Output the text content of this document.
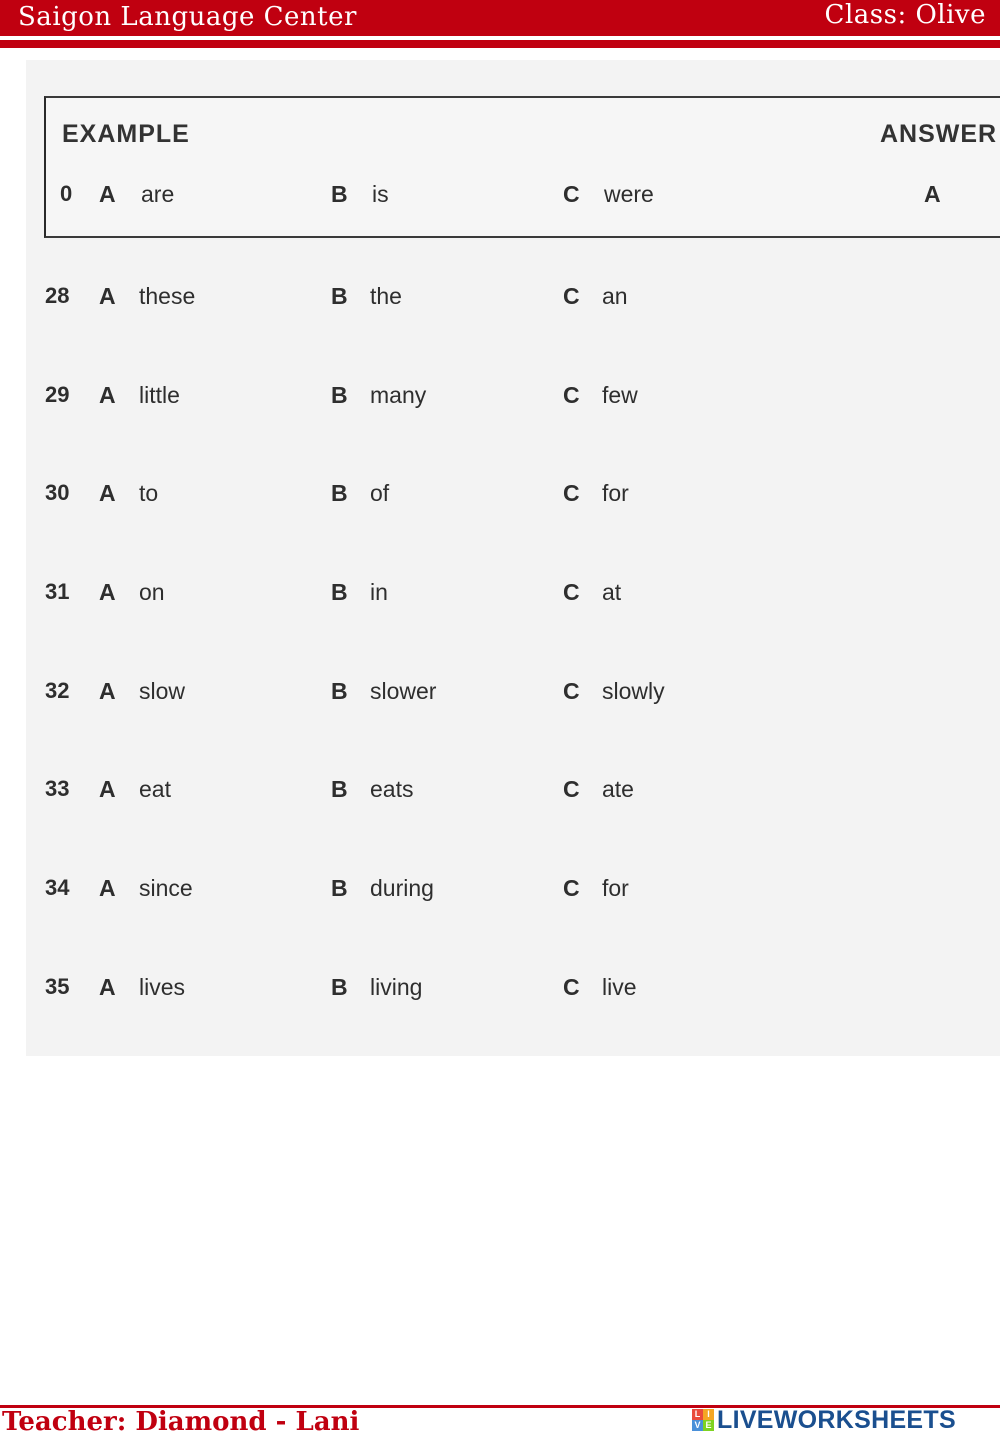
Saigon Language Center	Class: Olive
EXAMPLE	ANSWER
0 A are	B is	C were	A
28 A these	B the	C an
29 A little	B many	C few
30 A to	B of	C for
31 A on	B in	C at
32 A slow	B slower	C slowly
33 A eat	B eats	C ate
34 A since	B during	C for
35 A lives	B living	C live
Teacher: Diamond - Lani	L I
V E LIVEWORKSHEETS
